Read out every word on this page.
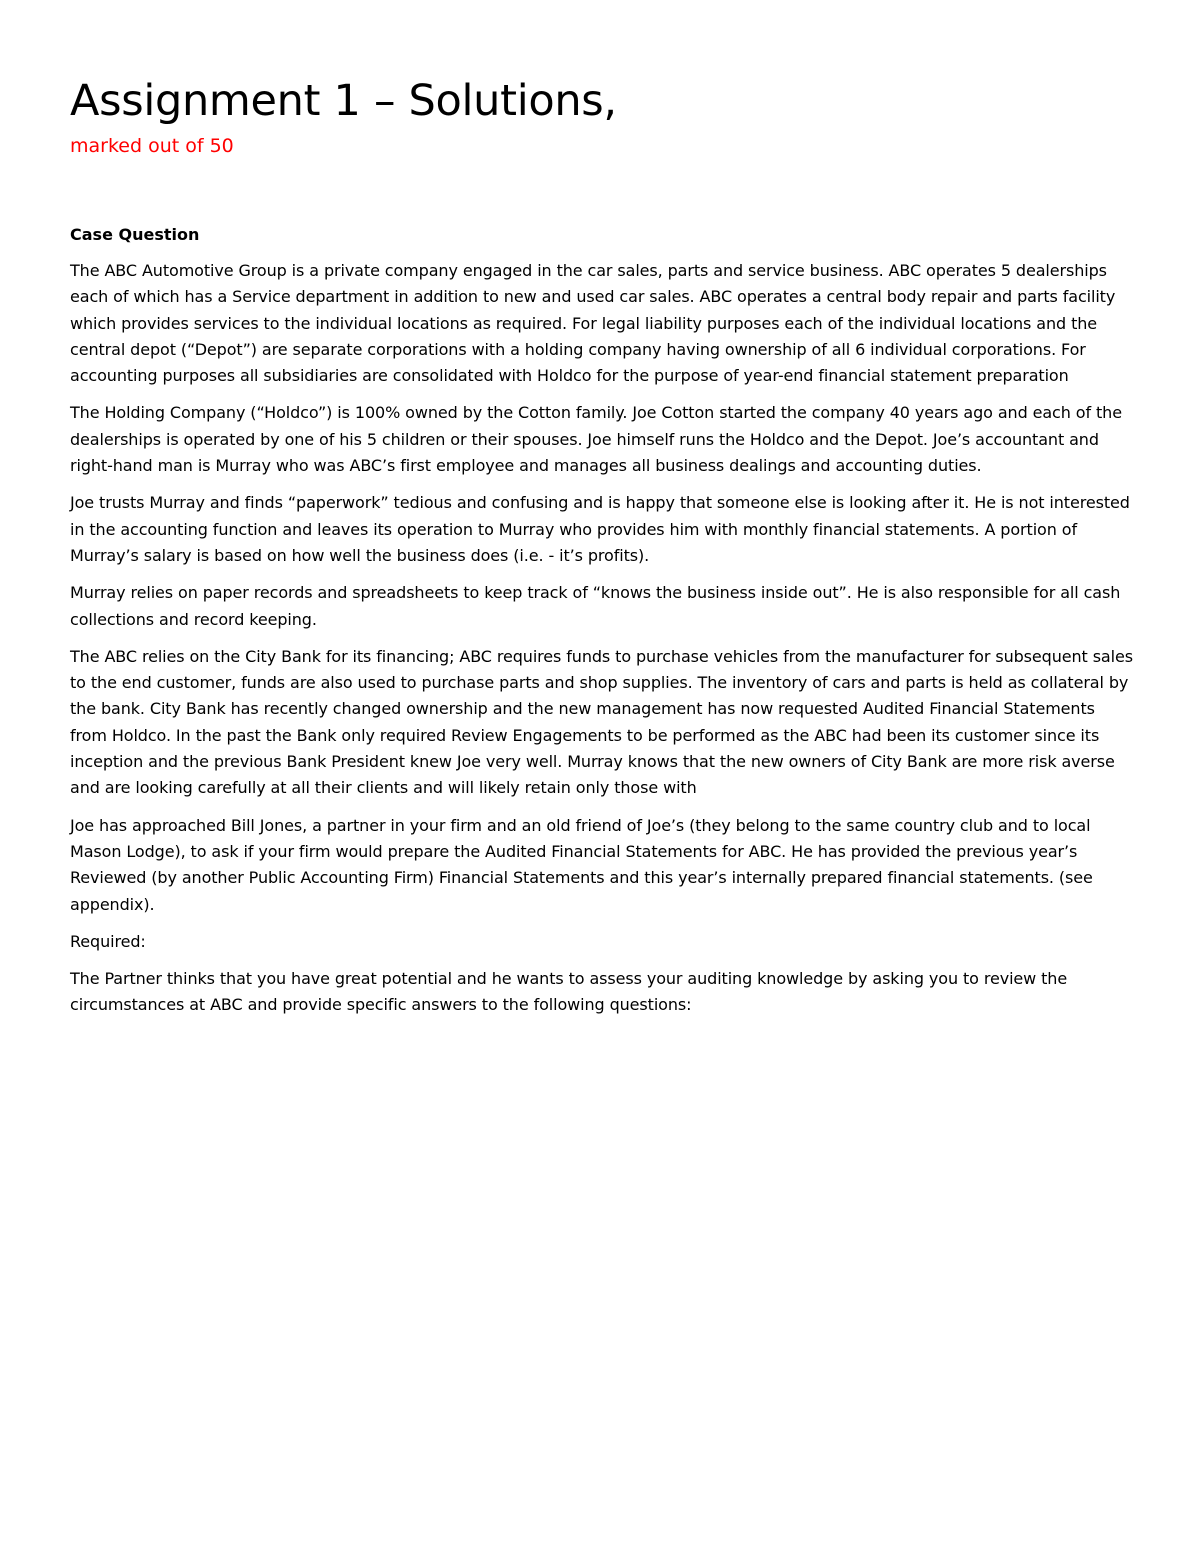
Assignment 1 – Solutions,

marked out of 50

Case Question

The ABC Automotive Group is a private company engaged in the car sales, parts and service business. ABC operates 5 dealerships each of which has a Service department in addition to new and used car sales. ABC operates a central body repair and parts facility which provides services to the individual locations as required. For legal liability purposes each of the individual locations and the central depot (“Depot”) are separate corporations with a holding company having ownership of all 6 individual corporations. For accounting purposes all subsidiaries are consolidated with Holdco for the purpose of year-end financial statement preparation

The Holding Company (“Holdco”) is 100% owned by the Cotton family. Joe Cotton started the company 40 years ago and each of the dealerships is operated by one of his 5 children or their spouses. Joe himself runs the Holdco and the Depot. Joe’s accountant and right-hand man is Murray who was ABC’s first employee and manages all business dealings and accounting duties.

Joe trusts Murray and finds “paperwork” tedious and confusing and is happy that someone else is looking after it. He is not interested in the accounting function and leaves its operation to Murray who provides him with monthly financial statements. A portion of Murray’s salary is based on how well the business does (i.e. - it’s profits).

Murray relies on paper records and spreadsheets to keep track of “knows the business inside out”. He is also responsible for all cash collections and record keeping.

The ABC relies on the City Bank for its financing; ABC requires funds to purchase vehicles from the manufacturer for subsequent sales to the end customer, funds are also used to purchase parts and shop supplies. The inventory of cars and parts is held as collateral by the bank. City Bank has recently changed ownership and the new management has now requested Audited Financial Statements from Holdco. In the past the Bank only required Review Engagements to be performed as the ABC had been its customer since its inception and the previous Bank President knew Joe very well. Murray knows that the new owners of City Bank are more risk averse and are looking carefully at all their clients and will likely retain only those with

Joe has approached Bill Jones, a partner in your firm and an old friend of Joe’s (they belong to the same country club and to local Mason Lodge), to ask if your firm would prepare the Audited Financial Statements for ABC. He has provided the previous year’s Reviewed (by another Public Accounting Firm) Financial Statements and this year’s internally prepared financial statements. (see appendix).

Required:

The Partner thinks that you have great potential and he wants to assess your auditing knowledge by asking you to review the circumstances at ABC and provide specific answers to the following questions:
